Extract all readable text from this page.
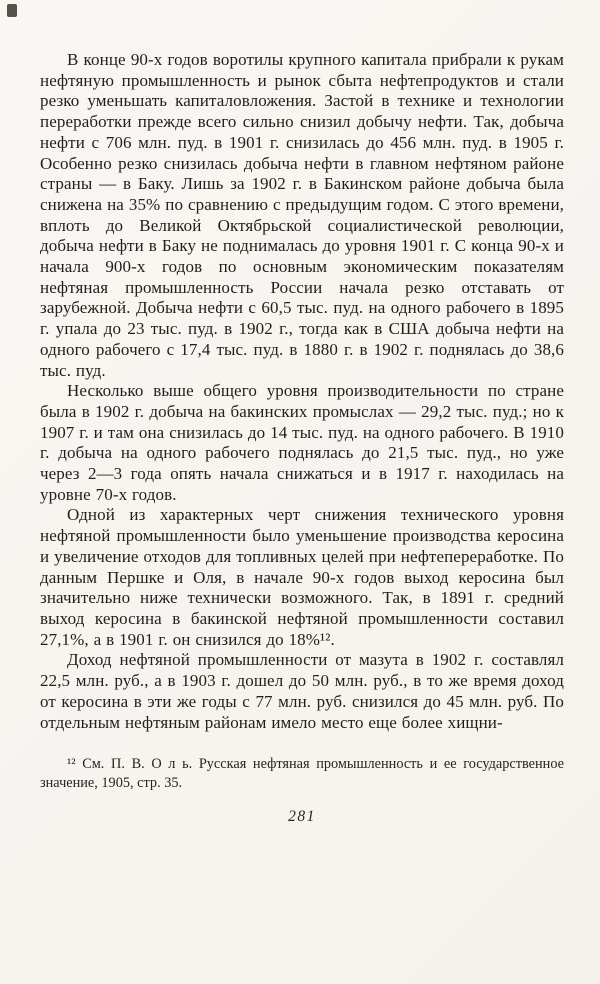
В конце 90-х годов воротилы крупного капитала прибрали к рукам нефтяную промышленность и рынок сбыта нефтепродуктов и стали резко уменьшать капиталовложения. Застой в технике и технологии переработки прежде всего сильно снизил добычу нефти. Так, добыча нефти с 706 млн. пуд. в 1901 г. снизилась до 456 млн. пуд. в 1905 г. Особенно резко снизилась добыча нефти в главном нефтяном районе страны — в Баку. Лишь за 1902 г. в Бакинском районе добыча была снижена на 35% по сравнению с предыдущим годом. С этого времени, вплоть до Великой Октябрьской социалистической революции, добыча нефти в Баку не поднималась до уровня 1901 г. С конца 90-х и начала 900-х годов по основным экономическим показателям нефтяная промышленность России начала резко отставать от зарубежной. Добыча нефти с 60,5 тыс. пуд. на одного рабочего в 1895 г. упала до 23 тыс. пуд. в 1902 г., тогда как в США добыча нефти на одного рабочего с 17,4 тыс. пуд. в 1880 г. в 1902 г. поднялась до 38,6 тыс. пуд.

Несколько выше общего уровня производительности по стране была в 1902 г. добыча на бакинских промыслах — 29,2 тыс. пуд.; но к 1907 г. и там она снизилась до 14 тыс. пуд. на одного рабочего. В 1910 г. добыча на одного рабочего поднялась до 21,5 тыс. пуд., но уже через 2—3 года опять начала снижаться и в 1917 г. находилась на уровне 70-х годов.

Одной из характерных черт снижения технического уровня нефтяной промышленности было уменьшение производства керосина и увеличение отходов для топливных целей при нефтепереработке. По данным Першке и Оля, в начале 90-х годов выход керосина был значительно ниже технически возможного. Так, в 1891 г. средний выход керосина в бакинской нефтяной промышленности составил 27,1%, а в 1901 г. он снизился до 18%¹².

Доход нефтяной промышленности от мазута в 1902 г. составлял 22,5 млн. руб., а в 1903 г. дошел до 50 млн. руб., в то же время доход от керосина в эти же годы с 77 млн. руб. снизился до 45 млн. руб. По отдельным нефтяным районам имело место еще более хищни-

¹² См. П. В. О л ь. Русская нефтяная промышленность и ее государственное значение, 1905, стр. 35.
281
